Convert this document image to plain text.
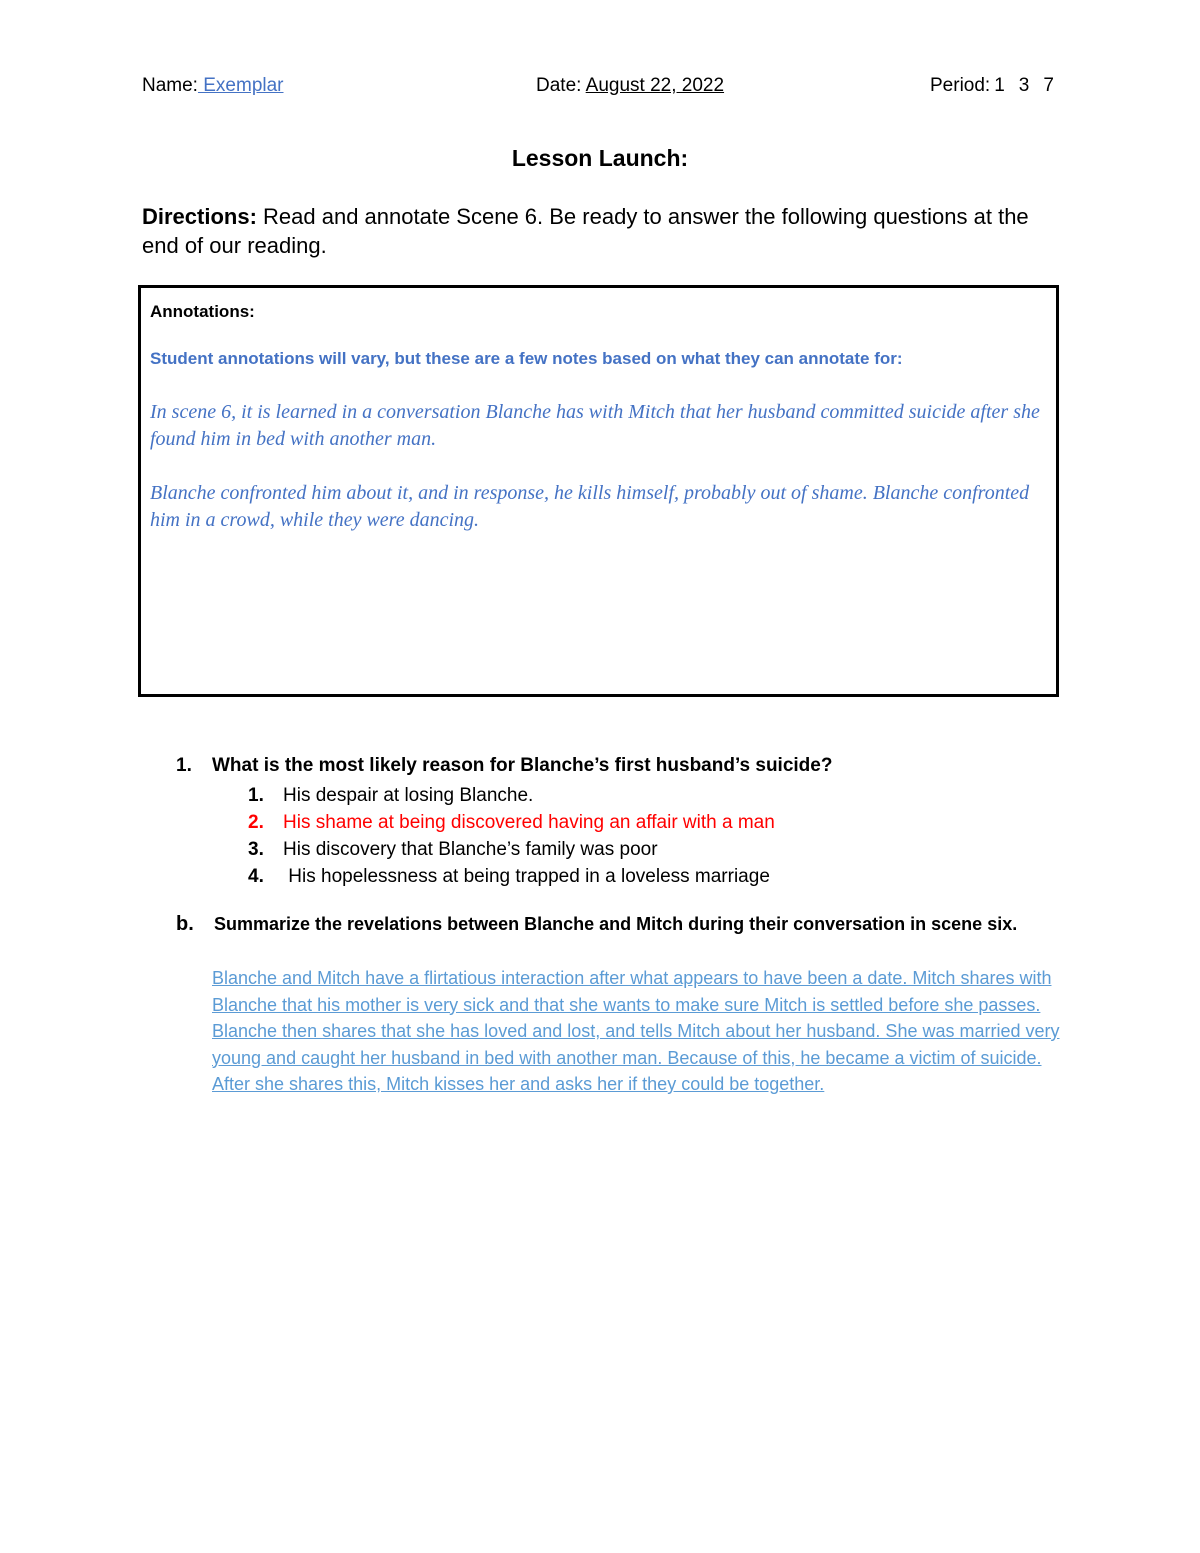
Name: Exemplar	Date: August 22, 2022	Period: 1 3 7
Lesson Launch:
Directions: Read and annotate Scene 6. Be ready to answer the following questions at the end of our reading.
Annotations:
Student annotations will vary, but these are a few notes based on what they can annotate for:
In scene 6, it is learned in a conversation Blanche has with Mitch that her husband committed suicide after she found him in bed with another man.
Blanche confronted him about it, and in response, he kills himself, probably out of shame. Blanche confronted him in a crowd, while they were dancing.
1. What is the most likely reason for Blanche’s first husband’s suicide?
1. His despair at losing Blanche.
2. His shame at being discovered having an affair with a man
3. His discovery that Blanche’s family was poor
4. His hopelessness at being trapped in a loveless marriage
b. Summarize the revelations between Blanche and Mitch during their conversation in scene six.
Blanche and Mitch have a flirtatious interaction after what appears to have been a date. Mitch shares with Blanche that his mother is very sick and that she wants to make sure Mitch is settled before she passes. Blanche then shares that she has loved and lost, and tells Mitch about her husband. She was married very young and caught her husband in bed with another man. Because of this, he became a victim of suicide. After she shares this, Mitch kisses her and asks her if they could be together.
